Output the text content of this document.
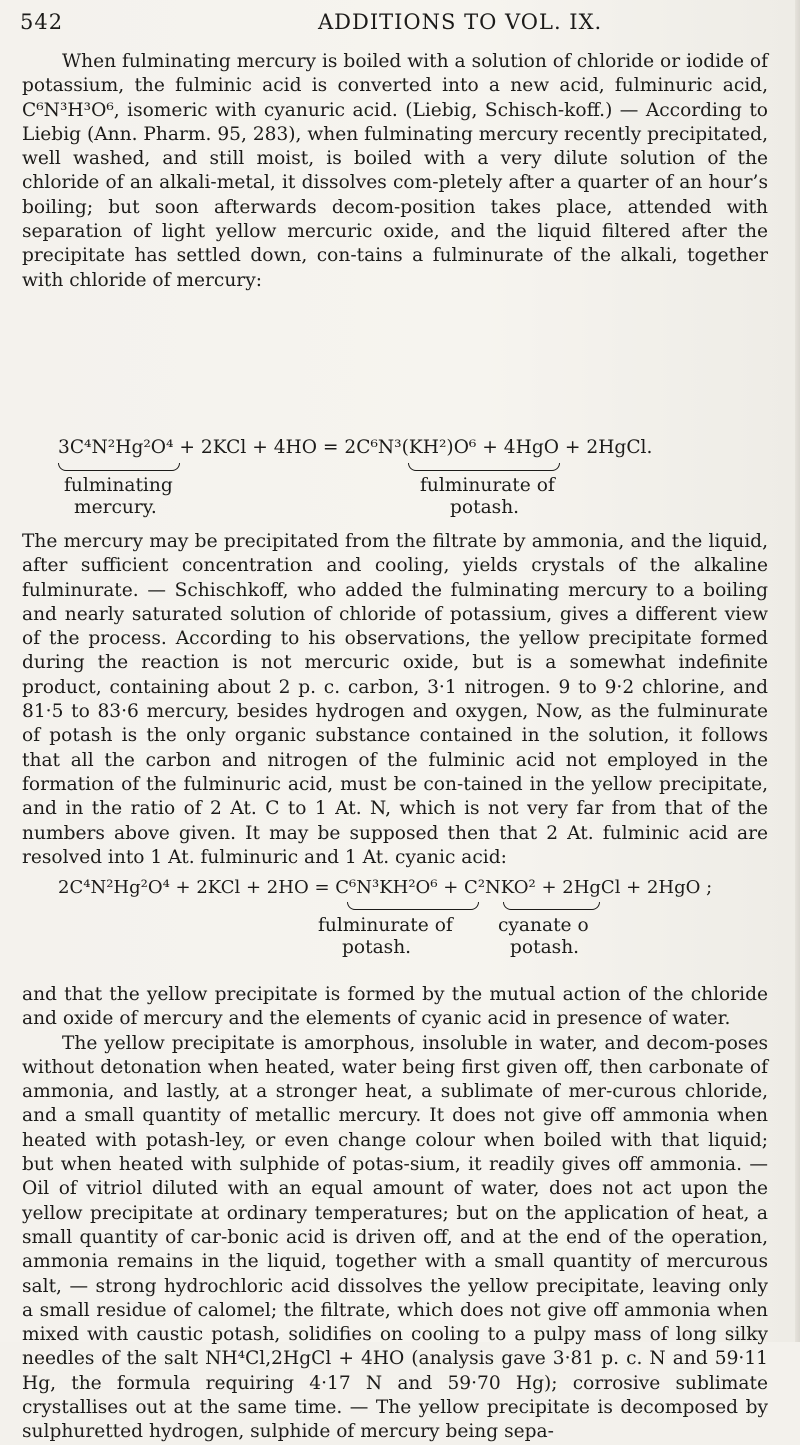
542	ADDITIONS TO VOL. IX.

When fulminating mercury is boiled with a solution of chloride or iodide of potassium, the fulminic acid is converted into a new acid, fulminuric acid, C⁶N³H³O⁶, isomeric with cyanuric acid. (Liebig, Schisch-koff.) — According to Liebig (Ann. Pharm. 95, 283), when fulminating mercury recently precipitated, well washed, and still moist, is boiled with a very dilute solution of the chloride of an alkali-metal, it dissolves com-pletely after a quarter of an hour’s boiling; but soon afterwards decom-position takes place, attended with separation of light yellow mercuric oxide, and the liquid filtered after the precipitate has settled down, con-tains a fulminurate of the alkali, together with chloride of mercury:

3C⁴N²Hg²O⁴ + 2KCl + 4HO = 2C⁶N³(KH²)O⁶ + 4HgO + 2HgCl.
fulminating
mercury.
fulminurate of
potash.

The mercury may be precipitated from the filtrate by ammonia, and the liquid, after sufficient concentration and cooling, yields crystals of the alkaline fulminurate. — Schischkoff, who added the fulminating mercury to a boiling and nearly saturated solution of chloride of potassium, gives a different view of the process. According to his observations, the yellow precipitate formed during the reaction is not mercuric oxide, but is a somewhat indefinite product, containing about 2 p. c. carbon, 3·1 nitrogen. 9 to 9·2 chlorine, and 81·5 to 83·6 mercury, besides hydrogen and oxygen, Now, as the fulminurate of potash is the only organic substance contained in the solution, it follows that all the carbon and nitrogen of the fulminic acid not employed in the formation of the fulminuric acid, must be con-tained in the yellow precipitate, and in the ratio of 2 At. C to 1 At. N, which is not very far from that of the numbers above given. It may be supposed then that 2 At. fulminic acid are resolved into 1 At. fulminuric and 1 At. cyanic acid:

2C⁴N²Hg²O⁴ + 2KCl + 2HO = C⁶N³KH²O⁶ + C²NKO² + 2HgCl + 2HgO ;
fulminurate of
potash.
cyanate o
potash.

and that the yellow precipitate is formed by the mutual action of the chloride and oxide of mercury and the elements of cyanic acid in presence of water.

The yellow precipitate is amorphous, insoluble in water, and decom-poses without detonation when heated, water being first given off, then carbonate of ammonia, and lastly, at a stronger heat, a sublimate of mer-curous chloride, and a small quantity of metallic mercury. It does not give off ammonia when heated with potash-ley, or even change colour when boiled with that liquid; but when heated with sulphide of potas-sium, it readily gives off ammonia. —Oil of vitriol diluted with an equal amount of water, does not act upon the yellow precipitate at ordinary temperatures; but on the application of heat, a small quantity of car-bonic acid is driven off, and at the end of the operation, ammonia remains in the liquid, together with a small quantity of mercurous salt, — strong hydrochloric acid dissolves the yellow precipitate, leaving only a small residue of calomel; the filtrate, which does not give off ammonia when mixed with caustic potash, solidifies on cooling to a pulpy mass of long silky needles of the salt NH⁴Cl,2HgCl + 4HO (analysis gave 3·81 p. c. N and 59·11 Hg, the formula requiring 4·17 N and 59·70 Hg); corrosive sublimate crystallises out at the same time. — The yellow precipitate is decomposed by sulphuretted hydrogen, sulphide of mercury being sepa-
